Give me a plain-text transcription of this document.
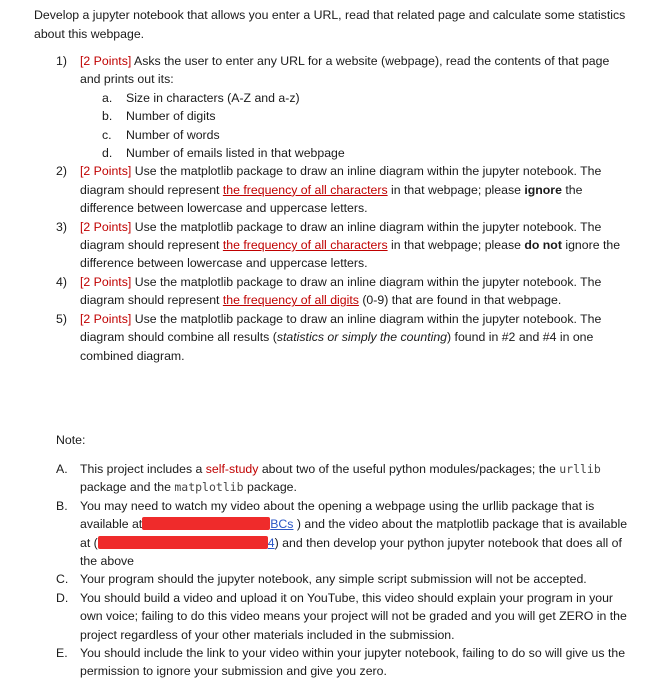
Develop a jupyter notebook that allows you enter a URL, read that related page and calculate some statistics about this webpage.
1)	[2 Points] Asks the user to enter any URL for a website (webpage), read the contents of that page and prints out its:
a.	Size in characters (A-Z and a-z)
b.	Number of digits
c.	Number of words
d.	Number of emails listed in that webpage
2)	[2 Points] Use the matplotlib package to draw an inline diagram within the jupyter notebook. The diagram should represent the frequency of all characters in that webpage; please ignore the difference between lowercase and uppercase letters.
3)	[2 Points] Use the matplotlib package to draw an inline diagram within the jupyter notebook. The diagram should represent the frequency of all characters in that webpage; please do not ignore the difference between lowercase and uppercase letters.
4)	[2 Points] Use the matplotlib package to draw an inline diagram within the jupyter notebook. The diagram should represent the frequency of all digits (0-9) that are found in that webpage.
5)	[2 Points] Use the matplotlib package to draw an inline diagram within the jupyter notebook. The diagram should combine all results (statistics or simply the counting) found in #2 and #4 in one combined diagram.
Note:
A.	This project includes a self-study about two of the useful python modules/packages; the urllib package and the matplotlib package.
B.	You may need to watch my video about the opening a webpage using the urllib package that is available at	BCs ) and the video about the matplotlib package that is available at (	4) and then develop your python jupyter notebook that does all of the above
C. Your program should the jupyter notebook, any simple script submission will not be accepted.
D. You should build a video and upload it on YouTube, this video should explain your program in your own voice; failing to do this video means your project will not be graded and you will get ZERO in the project regardless of your other materials included in the submission.
E.	You should include the link to your video within your jupyter notebook, failing to do so will give us the permission to ignore your submission and give you zero.
